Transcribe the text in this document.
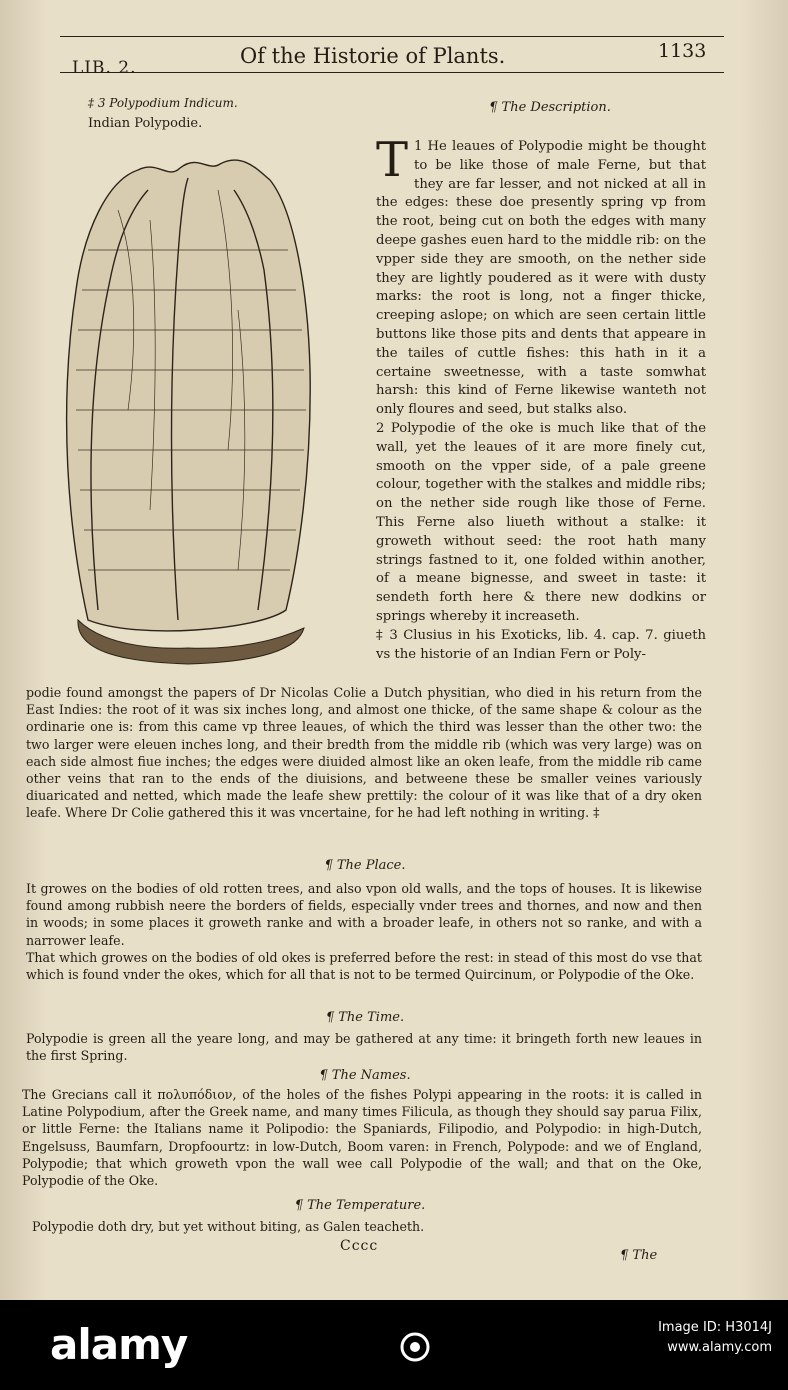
LIB. 2.	Of the Historie of Plants.	1133
‡ 3 Polypodium Indicum.
Indian Polypodie.
¶ The Description.
T 1 He leaues of Polypodie might be thought to be like those of male Ferne, but that they are far lesser, and not nicked at all in the edges: these doe presently spring vp from the root, being cut on both the edges with many deepe gashes euen hard to the middle rib: on the vpper side they are smooth, on the nether side they are lightly poudered as it were with dusty marks: the root is long, not a finger thicke, creeping aslope; on which are seen certain little buttons like those pits and dents that appeare in the tailes of cuttle fishes: this hath in it a certaine sweetnesse, with a taste somwhat harsh: this kind of Ferne likewise wanteth not only floures and seed, but stalks also.

2 Polypodie of the oke is much like that of the wall, yet the leaues of it are more finely cut, smooth on the vpper side, of a pale greene colour, together with the stalkes and middle ribs; on the nether side rough like those of Ferne. This Ferne also liueth without a stalke: it groweth without seed: the root hath many strings fastned to it, one folded within another, of a meane bignesse, and sweet in taste: it sendeth forth here & there new dodkins or springs whereby it increaseth.

‡ 3 Clusius in his Exoticks, lib. 4. cap. 7. giueth vs the historie of an Indian Fern or Poly-

podie found amongst the papers of Dr Nicolas Colie a Dutch physitian, who died in his return from the East Indies: the root of it was six inches long, and almost one thicke, of the same shape & colour as the ordinarie one is: from this came vp three leaues, of which the third was lesser than the other two: the two larger were eleuen inches long, and their bredth from the middle rib (which was very large) was on each side almost fiue inches; the edges were diuided almost like an oken leafe, from the middle rib came other veins that ran to the ends of the diuisions, and betweene these be smaller veines variously diuaricated and netted, which made the leafe shew prettily: the colour of it was like that of a dry oken leafe. Where Dr Colie gathered this it was vncertaine, for he had left nothing in writing. ‡
¶ The Place.

It growes on the bodies of old rotten trees, and also vpon old walls, and the tops of houses. It is likewise found among rubbish neere the borders of fields, especially vnder trees and thornes, and now and then in woods; in some places it groweth ranke and with a broader leafe, in others not so ranke, and with a narrower leafe.

That which growes on the bodies of old okes is preferred before the rest: in stead of this most do vse that which is found vnder the okes, which for all that is not to be termed Quircinum, or Polypodie of the Oke.

¶ The Time.
Polypodie is green all the yeare long, and may be gathered at any time: it bringeth forth new leaues in the first Spring.
¶ The Names.
The Grecians call it πολυπόδιον, of the holes of the fishes Polypi appearing in the roots: it is called in Latine Polypodium, after the Greek name, and many times Filicula, as though they should say parua Filix, or little Ferne: the Italians name it Polipodio: the Spaniards, Filipodio, and Polypodio: in high-Dutch, Engelsuss, Baumfarn, Dropfoourtz: in low-Dutch, Boom varen: in French, Polypode: and we of England, Polypodie; that which groweth vpon the wall wee call Polypodie of the wall; and that on the Oke, Polypodie of the Oke.
¶ The Temperature.
Polypodie doth dry, but yet without biting, as Galen teacheth.
Cccc
¶ The
alamy	Image ID: H3014J
www.alamy.com
